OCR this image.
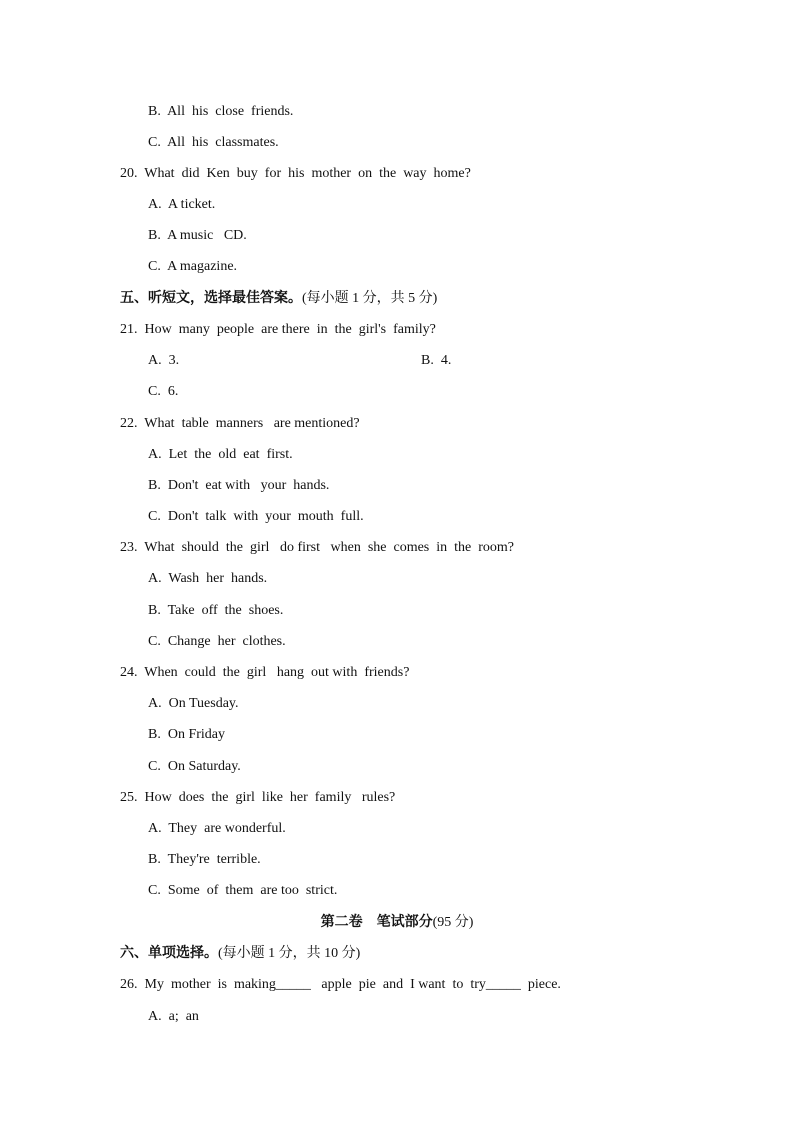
B.  All  his  close  friends.
C.  All  his  classmates.
20.  What  did  Ken  buy  for  his  mother  on  the  way  home?
A.  A ticket.
B.  A music   CD.
C.  A magazine.
五、听短文，选择最佳答案。(每小题 1 分，共 5 分)
21.  How  many  people  are there  in  the  girl's  family?
A.  3.	B.  4.
C.  6.
22.  What  table  manners   are mentioned?
A.  Let  the  old  eat  first.
B.  Don't  eat with   your  hands.
C.  Don't  talk  with  your  mouth  full.
23.  What  should  the  girl   do first   when  she  comes  in  the  room?
A.  Wash  her  hands.
B.  Take  off  the  shoes.
C.  Change  her  clothes.
24.  When  could  the  girl   hang  out with  friends?
A.  On Tuesday.
B.  On Friday
C.  On Saturday.
25.  How  does  the  girl  like  her  family   rules?
A.  They  are wonderful.
B.  They're  terrible.
C.  Some  of  them  are too  strict.
第二卷    笔试部分(95 分)
六、单项选择。(每小题 1 分，共 10 分)
26.  My  mother  is  making_____   apple  pie  and  I want  to  try_____  piece.
A.  a;  an
